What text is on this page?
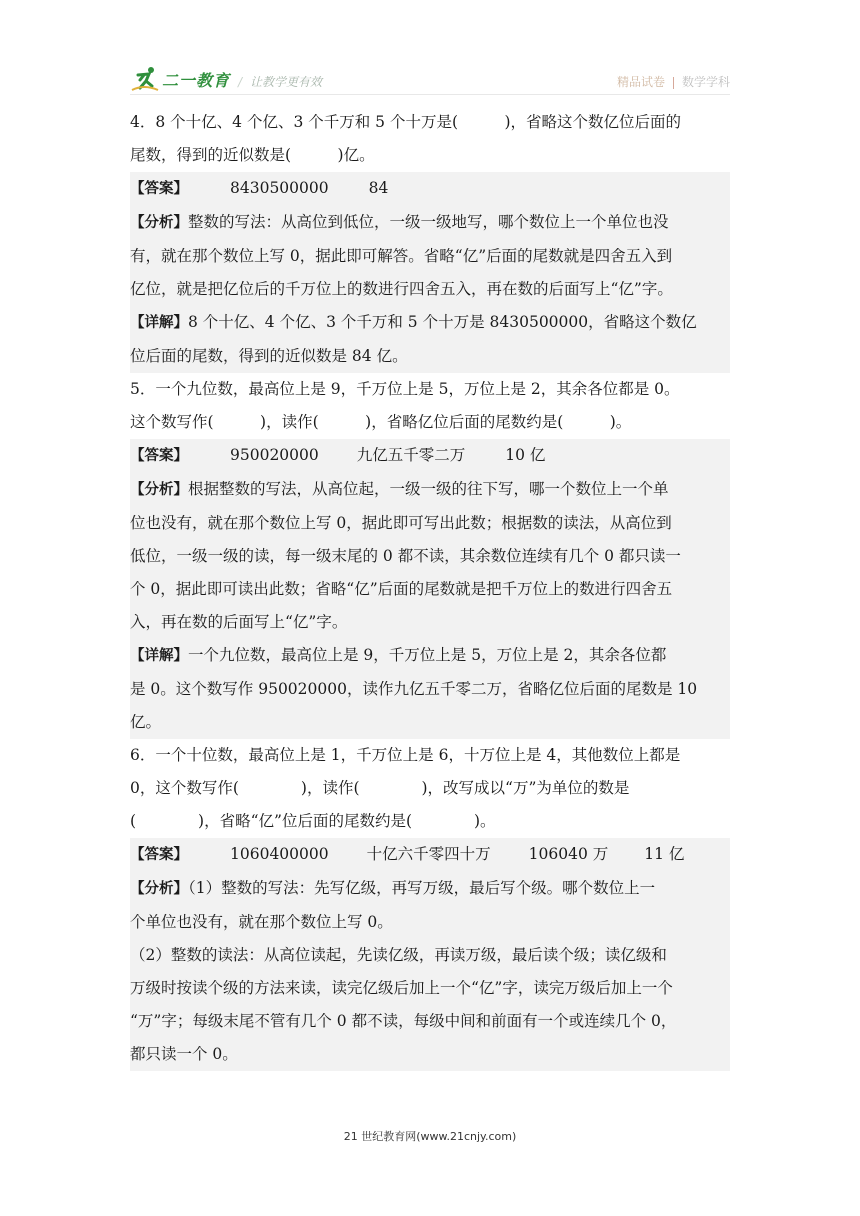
二一教育 / 让教学更有效	精品试卷 数学学科
4．8 个十亿、4 个亿、3 个千万和 5 个十万是(　　　)，省略这个数亿位后面的
尾数，得到的近似数是(　　　)亿。
【答案】	8430500000	84
【分析】整数的写法：从高位到低位，一级一级地写，哪个数位上一个单位也没
有，就在那个数位上写 0，据此即可解答。省略“亿”后面的尾数就是四舍五入到
亿位，就是把亿位后的千万位上的数进行四舍五入，再在数的后面写上“亿”字。
【详解】8 个十亿、4 个亿、3 个千万和 5 个十万是 8430500000，省略这个数亿
位后面的尾数，得到的近似数是 84 亿。
5．一个九位数，最高位上是 9，千万位上是 5，万位上是 2，其余各位都是 0。
这个数写作(　　　)，读作(　　　)，省略亿位后面的尾数约是(　　　)。
【答案】	950020000 九亿五千零二万	10 亿
【分析】根据整数的写法，从高位起，一级一级的往下写，哪一个数位上一个单
位也没有，就在那个数位上写 0，据此即可写出此数；根据数的读法，从高位到
低位，一级一级的读，每一级末尾的 0 都不读，其余数位连续有几个 0 都只读一
个 0，据此即可读出此数；省略“亿”后面的尾数就是把千万位上的数进行四舍五
入，再在数的后面写上“亿”字。
【详解】一个九位数，最高位上是 9，千万位上是 5，万位上是 2，其余各位都
是 0。这个数写作 950020000，读作九亿五千零二万，省略亿位后面的尾数是 10
亿。
6．一个十位数，最高位上是 1，千万位上是 6，十万位上是 4，其他数位上都是
0，这个数写作(　　　　)，读作(　　　　)，改写成以“万”为单位的数是
(　　　　)，省略“亿”位后面的尾数约是(　　　　)。
【答案】	1060400000 十亿六千零四十万 106040 万 11 亿
【分析】（1）整数的写法：先写亿级，再写万级，最后写个级。哪个数位上一
个单位也没有，就在那个数位上写 0。
（2）整数的读法：从高位读起，先读亿级，再读万级，最后读个级；读亿级和
万级时按读个级的方法来读，读完亿级后加上一个“亿”字，读完万级后加上一个
“万”字；每级末尾不管有几个 0 都不读，每级中间和前面有一个或连续几个 0，
都只读一个 0。
21 世纪教育网(www.21cnjy.com)
